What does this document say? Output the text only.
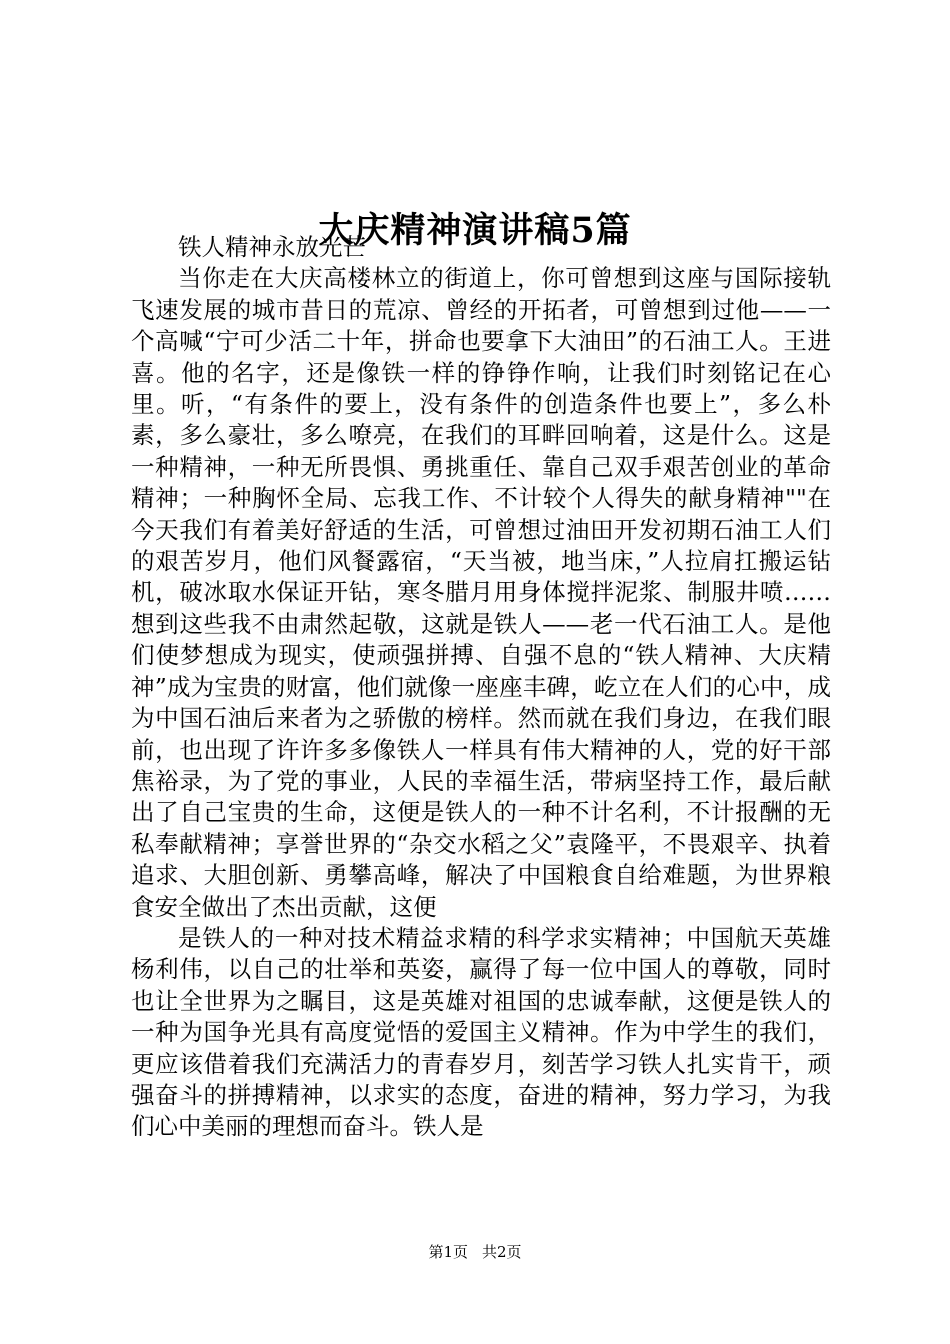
大庆精神演讲稿5篇

铁人精神永放光芒

当你走在大庆高楼林立的街道上，你可曾想到这座与国际接轨飞速发展的城市昔日的荒凉、曾经的开拓者，可曾想到过他——一个高喊“宁可少活二十年，拼命也要拿下大油田”的石油工人。王进喜。他的名字，还是像铁一样的铮铮作响，让我们时刻铭记在心里。听，“有条件的要上，没有条件的创造条件也要上”，多么朴素，多么豪壮，多么嘹亮，在我们的耳畔回响着，这是什么。这是一种精神，一种无所畏惧、勇挑重任、靠自己双手艰苦创业的革命精神；一种胸怀全局、忘我工作、不计较个人得失的献身精神""在今天我们有着美好舒适的生活，可曾想过油田开发初期石油工人们的艰苦岁月，他们风餐露宿，“天当被，地当床，”人拉肩扛搬运钻机，破冰取水保证开钻，寒冬腊月用身体搅拌泥浆、制服井喷……想到这些我不由肃然起敬，这就是铁人——老一代石油工人。是他们使梦想成为现实，使顽强拼搏、自强不息的“铁人精神、大庆精神”成为宝贵的财富，他们就像一座座丰碑，屹立在人们的心中，成为中国石油后来者为之骄傲的榜样。然而就在我们身边，在我们眼前，也出现了许许多多像铁人一样具有伟大精神的人，党的好干部焦裕录，为了党的事业，人民的幸福生活，带病坚持工作，最后献出了自己宝贵的生命，这便是铁人的一种不计名利，不计报酬的无私奉献精神；享誉世界的“杂交水稻之父”袁隆平，不畏艰辛、执着追求、大胆创新、勇攀高峰，解决了中国粮食自给难题，为世界粮食安全做出了杰出贡献，这便

是铁人的一种对技术精益求精的科学求实精神；中国航天英雄杨利伟，以自己的壮举和英姿，赢得了每一位中国人的尊敬，同时也让全世界为之瞩目，这是英雄对祖国的忠诚奉献，这便是铁人的一种为国争光具有高度觉悟的爱国主义精神。作为中学生的我们，更应该借着我们充满活力的青春岁月，刻苦学习铁人扎实肯干，顽强奋斗的拼搏精神，以求实的态度，奋进的精神，努力学习，为我们心中美丽的理想而奋斗。铁人是

第1页 共2页
